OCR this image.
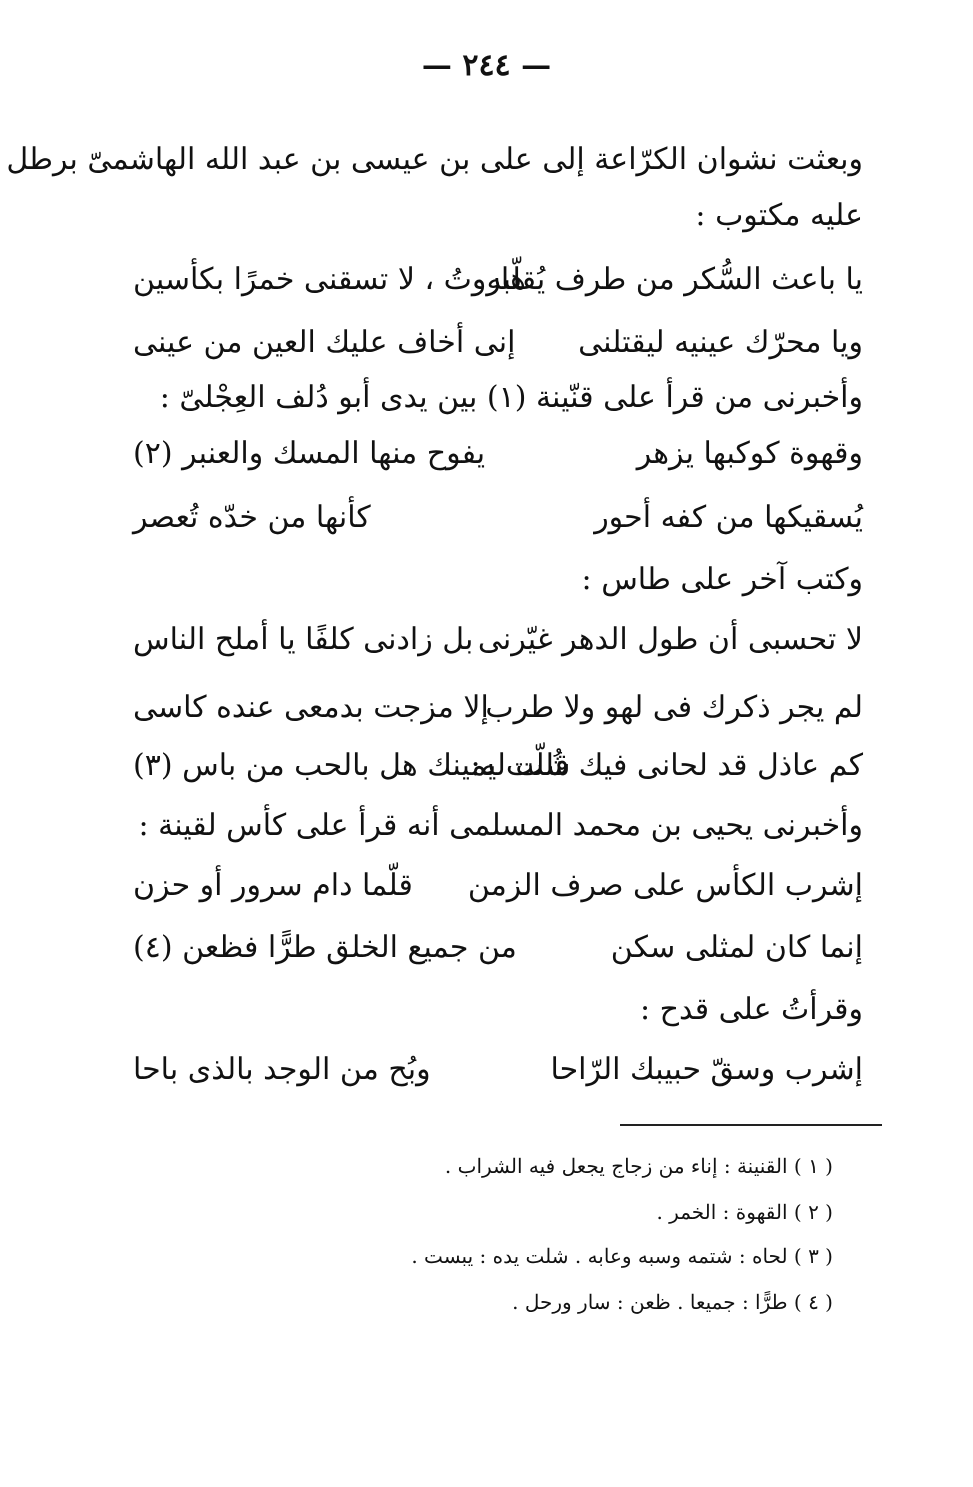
— ٢٤٤ —
وبعثت نشوان الكرّاعة إلى على بن عيسى بن عبد الله الهاشمىّ برطل
عليه مكتوب :
يا باعث السُّكر من طرف يُقلّبه
هاروتُ ، لا تسقنى خمرًا بكأسين
ويا محرّك عينيه ليقتلنى
إنى أخاف عليك العين من عينى
وأخبرنى من قرأ على قنّينة (١) بين يدى أبو دُلف العِجْلىّ :
وقهوة كوكبها يزهر
يفوح منها المسك والعنبر (٢)
يُسقيكها من كفه أحور
كأنها من خدّه تُعصر
وكتب آخر على طاس :
لا تحسبى أن طول الدهر غيّرنى
بل زادنى كلفًا يا أملح الناس
لم يجر ذكرك فى لهو ولا طرب
إلا مزجت بدمعى عنده كاسى
كم عاذل قد لحانى فيك قلت له:
شُلّت يمينك هل بالحب من باس (٣)
وأخبرنى يحيى بن محمد المسلمى أنه قرأ على كأس لقينة :
إشرب الكأس على صرف الزمن
قلّما دام سرور أو حزن
إنما كان لمثلى سكن
من جميع الخلق طرًّا فظعن (٤)
وقرأتُ على قدح :
إشرب وسقّ حبيبك الرّاحا
وبُح من الوجد بالذى باحا
( ١ ) القنينة : إناء من زجاج يجعل فيه الشراب .
( ٢ ) القهوة : الخمر .
( ٣ ) لحاه : شتمه وسبه وعابه . شلت يده : يبست .
( ٤ ) طرًّا : جميعا . ظعن : سار ورحل .
